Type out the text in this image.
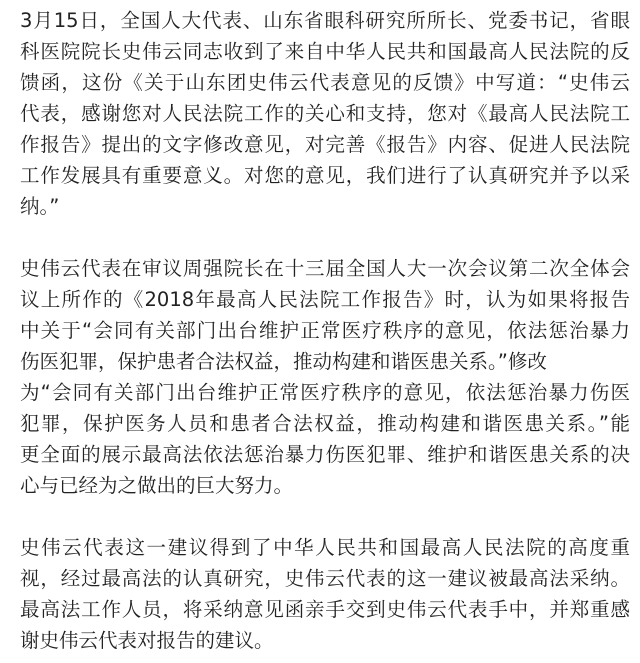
3月15日，全国人大代表、山东省眼科研究所所长、党委书记，省眼
科医院院长史伟云同志收到了来自中华人民共和国最高人民法院的反
馈函，这份《关于山东团史伟云代表意见的反馈》中写道：“史伟云
代表，感谢您对人民法院工作的关心和支持，您对《最高人民法院工
作报告》提出的文字修改意见，对完善《报告》内容、促进人民法院
工作发展具有重要意义。对您的意见，我们进行了认真研究并予以采
纳。”
史伟云代表在审议周强院长在十三届全国人大一次会议第二次全体会
议上所作的《2018年最高人民法院工作报告》时，认为如果将报告
中关于“会同有关部门出台维护正常医疗秩序的意见，依法惩治暴力
伤医犯罪，保护患者合法权益，推动构建和谐医患关系。”修改
为“会同有关部门出台维护正常医疗秩序的意见，依法惩治暴力伤医
犯罪，保护医务人员和患者合法权益，推动构建和谐医患关系。”能
更全面的展示最高法依法惩治暴力伤医犯罪、维护和谐医患关系的决
心与已经为之做出的巨大努力。
史伟云代表这一建议得到了中华人民共和国最高人民法院的高度重
视，经过最高法的认真研究，史伟云代表的这一建议被最高法采纳。
最高法工作人员，将采纳意见函亲手交到史伟云代表手中，并郑重感
谢史伟云代表对报告的建议。
